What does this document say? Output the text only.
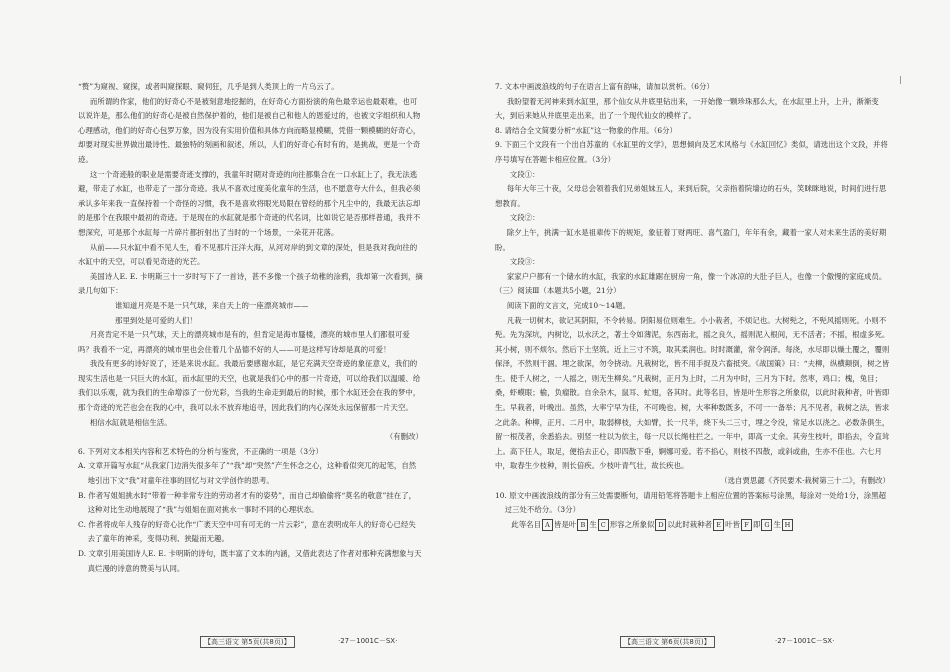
“赘”为窥视、窥探，或者叫窥探眼、窥伺狂，几乎是到人类顶上的一片乌云了。

而所谓的作家，他们的好奇心不是被刻意地挖掘的，在好奇心方面扮演的角色最幸运也最艰难，也可以说许是，那么他们的好奇心是被自然保护着的，他们是被自己和他人的恩爱过的，也被文字组织和人物心理感动，他们的好奇心包罗万象，因为没有实用价值和具体方向而略显模糊，凭借一颗模糊的好奇心，却要对现实世界做出最诗性、最独特的刻画和叙述，所以，人们的好奇心有时有的，是挑战，更是一个奇迹。

这一个奇迹般的职业是需要奇迹支撑的，我童年时期对奇迹的向往都集合在一口水缸上了，我无法逃避，带走了水缸，也带走了一部分奇迹。我从不喜欢过度美化童年的生活，也不愿意夸大什么，但我必须承认多年来我一直保持着一个奇怪的习惯，我不是喜欢将眼光局限在曾经的那个凡尘中的，我最无法忘却的是那个在我眼中最初的奇迹。于是现在的水缸就是那个奇迹的代名词，比如说它是否那样普通，我并不想深究，可是那个水缸每一片碎片都折射出了当时的一个场景，一朵花开花落。

从前——只水缸中看不见人生，看不见那片汪洋大海，从河对岸的到文章的深处，但是我对我向往的水缸中的天空，可以看见奇迹的光芒。

美国诗人E. E. 卡明斯三十一岁时写下了一首诗，甚不多像一个孩子幼稚的涂鸦，我却第一次看到，摘录几句如下：

谁知道月亮是不是一只气球，来自天上的一座漂亮城市——

那里到处是可爱的人们！

月亮肯定不是一只气球，天上的漂亮城市是有的，但肯定是海市蜃楼，漂亮的城市里人们都很可爱吗？我看不一定，再漂亮的城市里也会住着几个品德不好的人——可是这样写诗却是真的可爱！

我没有更多的诗好说了，还是来说水缸。我最后要感谢水缸，是它充满天空奇迹的象征意义，我们的现实生活也是一只巨大的水缸，而水缸里的天空，也就是我们心中的那一片奇迹，可以给我们以温暖、给我们以乐观，就为我们的生命增添了一份光彩，当我的生命走到最后的时候，那个水缸还会在我的梦中，那个奇迹的光芒也会在我的心中，我可以永不放弃地追寻，因此我们的内心深处永远保留那一片天空。

相信水缸就是相信生活。

（有删改）

6. 下列对文本相关内容和艺术特色的分析与鉴赏，不正确的一项是（3分）

A. 文章开篇写水缸“从我家门边消失很多年了”“我”却“突然”产生怀念之心，这种看似突兀的起笔，自然地引出下文“我”对童年往事的回忆与对文学创作的思考。

B. 作者写姐姐挑水时“带着一种非常专注的劳动者才有的姿势”，而自己却偷偷将“莫名的敬意”挂在了，这种对比生动地展现了“我”与姐姐在面对挑水一事时不同的心理状态。

C. 作者将成年人残存的好奇心比作“广袤天空中可有可无的一片云彩”，意在表明成年人的好奇心已经失去了童年的神采，变得功利、狭隘而无趣。

D. 文章引用美国诗人E. E. 卡明斯的诗句，既丰富了文本的内涵，又借此表达了作者对那种充满想象与天真烂漫的诗意的赞美与认同。

【高三语文 第5页(共8页)】	·27－1001C－SX·

7. 文本中画波浪线的句子在语言上富有韵味，请加以赏析。（6分）

我盼望着无河神来到水缸里，那个仙女从井底里钻出来，一开始像一颗珍珠那么大，在水缸里上升，上升，渐渐变大，到后来她从井底里走出来，出了一个现代仙女的模样了。

8. 请结合全文简要分析“水缸”这一物象的作用。（6分）

9. 下面三个文段有一个出自苏童的《水缸里的文学》，思想倾向及艺术风格与《水缸回忆》类似，请选出这个文段，并将序号填写在答题卡相应位置。（3分）

文段①：

每年大年三十夜，父母总会领着我们兄弟姐妹五人，来到后院，父亲指着院墙边的石头，笑眯眯地说，时间们进行思想教育。

文段②：

除夕上午，挑满一缸水是祖辈传下的规矩，象征着丁财两旺、喜气盈门，年年有余，藏着一家人对未来生活的美好期盼。

文段③：

家家户户都有一个储水的水缸，我家的水缸雄踞在厨房一角，像一个冰凉的大肚子巨人，也像一个傲慢的家庭成员。

（三）阅读Ⅲ（本题共5小题，21分）

阅读下面的文言文，完成10～14题。

凡栽一切树木，欲记其阴阳，不令转易。阴阳易位则难生。小小栽者，不烦记也。大树髡之，不髡风摇则死。小则不髡。先为深坑，内树讫，以水沃之，著土令如薄泥，东西南北，摇之良久，摇则泥入根间，无不活者；不摇，根虚多死。其小树，则不烦尔。然后下土坚筑。近上三寸不筑，取其柔润也。时时溉灌，常令润泽。每浇，水尽即以燥土覆之，覆则保泽，不然则干涸。埋之欲深，勿令挠动。凡栽树讫，皆不用手捉及六畜抵突。《战国策》曰：“夫柳，纵横颠倒，树之皆生。使千人树之，一人摇之，则无生柳矣。”凡栽树，正月为上时，二月为中时，三月为下时。然枣，鸡口；槐，兔目；桑，虾蟆眼；榆，负瘤散。自余杂木，鼠耳、虻翅，各其时。此等名目，皆是叶生形容之所象似，以此时栽种者，叶皆即生。早栽者，叶晚出。虽然，大率宁早为佳，不可晚也。树，大率种数既多，不可一一备举；凡不见者，栽树之法，皆求之此条。种柳，正月、二月中，取弱柳枝，大如臂，长一尺半，烧下头二三寸，埋之令没，常足水以浇之。必数条俱生，留一根茂者，余悉掐去。别竖一柱以为依主，每一尺以长绳柱拦之。一年中，即高一丈余。其旁生枝叶，即掐去，令直耸上。高下任人，取足，便掐去正心，即四散下垂，婀娜可爱。若不掐心，则枝不四散，或斜或曲，生亦不佳也。六七月中，取春生少枝种，则长倍疾。少枝叶青气壮，故长疾也。

（选自贾思勰《齐民要术·栽树第三十二》，有删改）

10. 原文中画波浪线的部分有三处需要断句，请用铅笔将答题卡上相应位置的答案标号涂黑，每涂对一处给1分，涂黑超过三处不给分。（3分）

此等名目 A 皆是叶 B 生 C 形容之所象似 D 以此时栽种者 E 叶皆 F 即 G 生 H

【高三语文 第6页(共8页)】	·27－1001C－SX·
